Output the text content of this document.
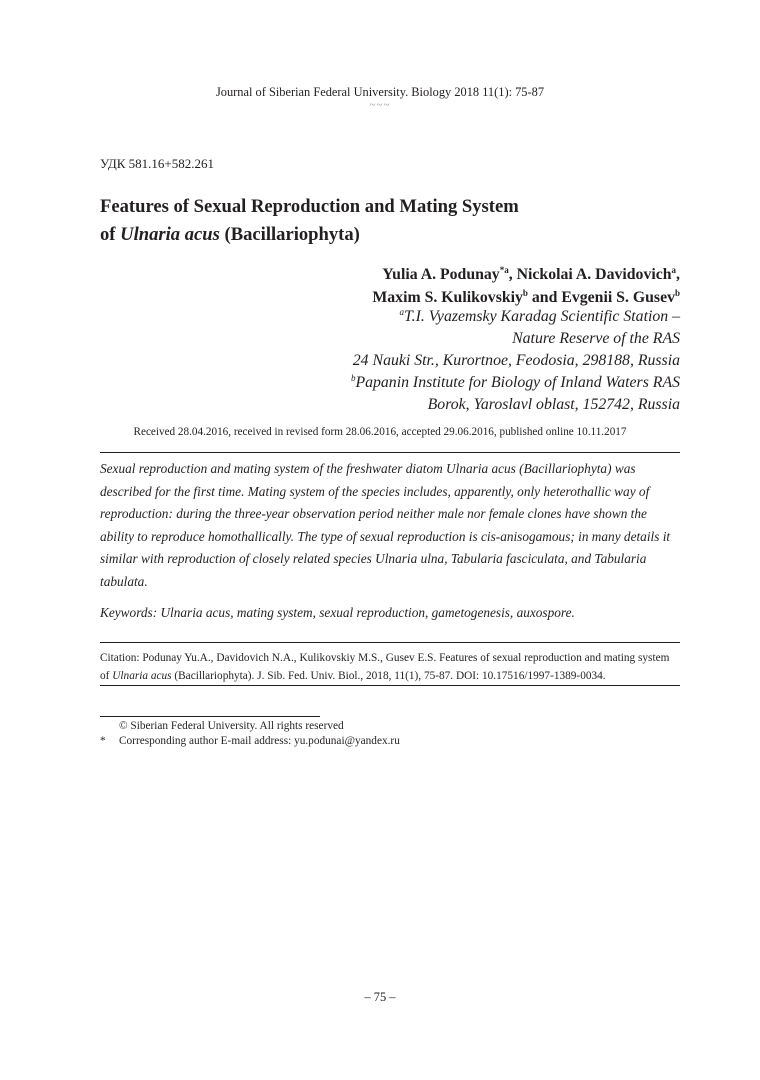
Journal of Siberian Federal University. Biology 2018 11(1): 75-87
~~~
УДК 581.16+582.261
Features of Sexual Reproduction and Mating System
of Ulnaria acus (Bacillariophyta)
Yulia A. Podunay$^{*a}$, Nickolai A. Davidovich$^a$,
Maxim S. Kulikovskiy$^b$ and Evgenii S. Gusev$^b$
$^a$T.I. Vyazemsky Karadag Scientific Station –
Nature Reserve of the RAS
24 Nauki Str., Kurortnoe, Feodosia, 298188, Russia
$^b$Papanin Institute for Biology of Inland Waters RAS
Borok, Yaroslavl oblast, 152742, Russia
Received 28.04.2016, received in revised form 28.06.2016, accepted 29.06.2016, published online 10.11.2017
Sexual reproduction and mating system of the freshwater diatom Ulnaria acus (Bacillariophyta) was described for the first time. Mating system of the species includes, apparently, only heterothallic way of reproduction: during the three-year observation period neither male nor female clones have shown the ability to reproduce homothallically. The type of sexual reproduction is cis-anisogamous; in many details it similar with reproduction of closely related species Ulnaria ulna, Tabularia fasciculata, and Tabularia tabulata.
Keywords: Ulnaria acus, mating system, sexual reproduction, gametogenesis, auxospore.
Citation: Podunay Yu.A., Davidovich N.A., Kulikovskiy M.S., Gusev E.S. Features of sexual reproduction and mating system of Ulnaria acus (Bacillariophyta). J. Sib. Fed. Univ. Biol., 2018, 11(1), 75-87. DOI: 10.17516/1997-1389-0034.
© Siberian Federal University. All rights reserved
*	Corresponding author E-mail address: yu.podunai@yandex.ru
– 75 –
